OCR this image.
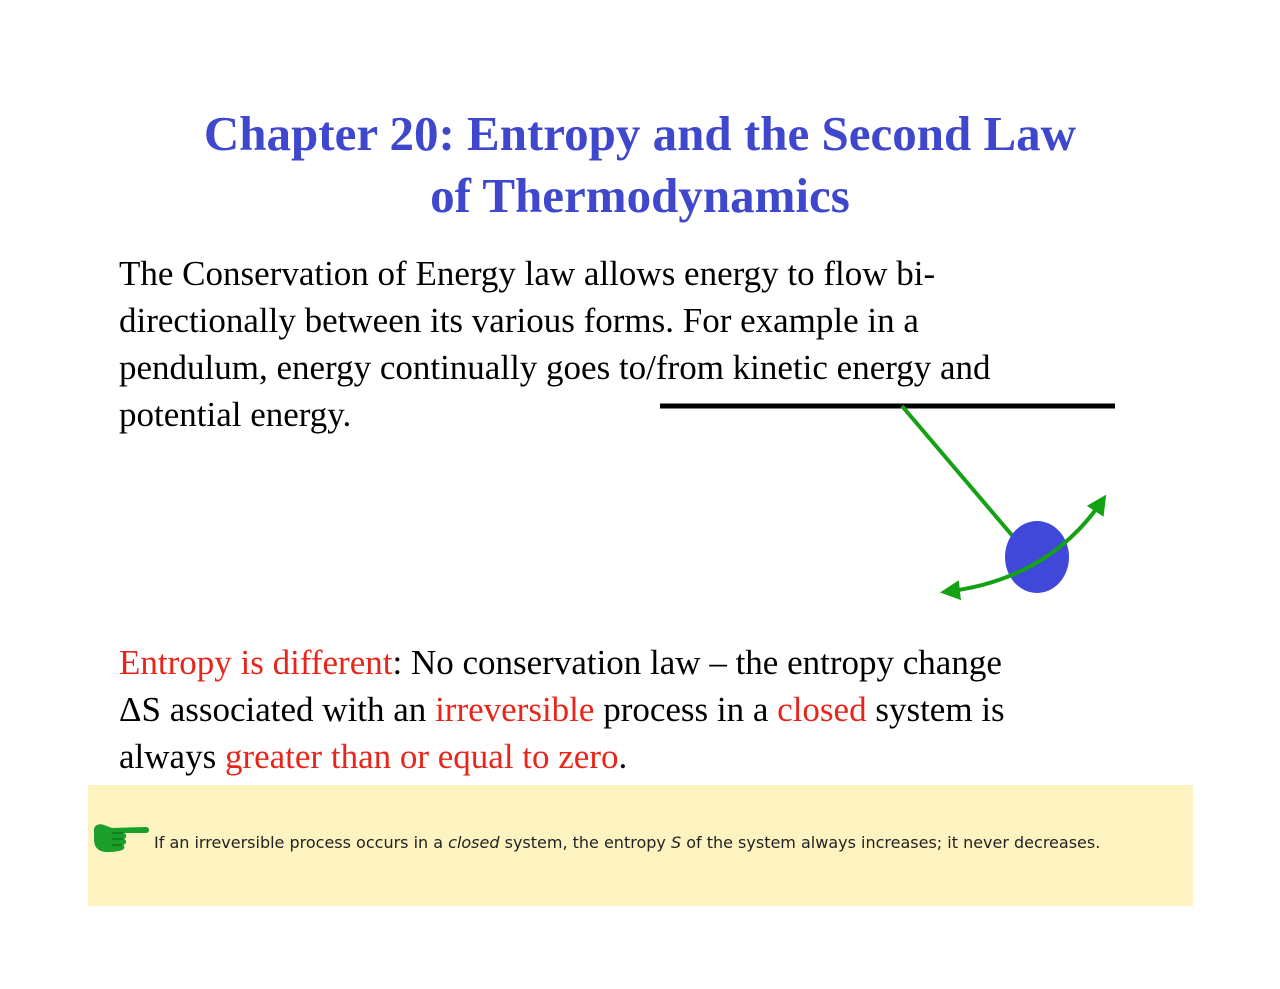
Chapter 20: Entropy and the Second Law
of Thermodynamics
The Conservation of Energy law allows energy to flow bi-
directionally between its various forms. For example in a
pendulum, energy continually goes to/from kinetic energy and
potential energy.
Entropy is different: No conservation law – the entropy change
ΔS associated with an irreversible process in a closed system is
always greater than or equal to zero.
If an irreversible process occurs in a closed system, the entropy S of the system always increases; it never decreases.
